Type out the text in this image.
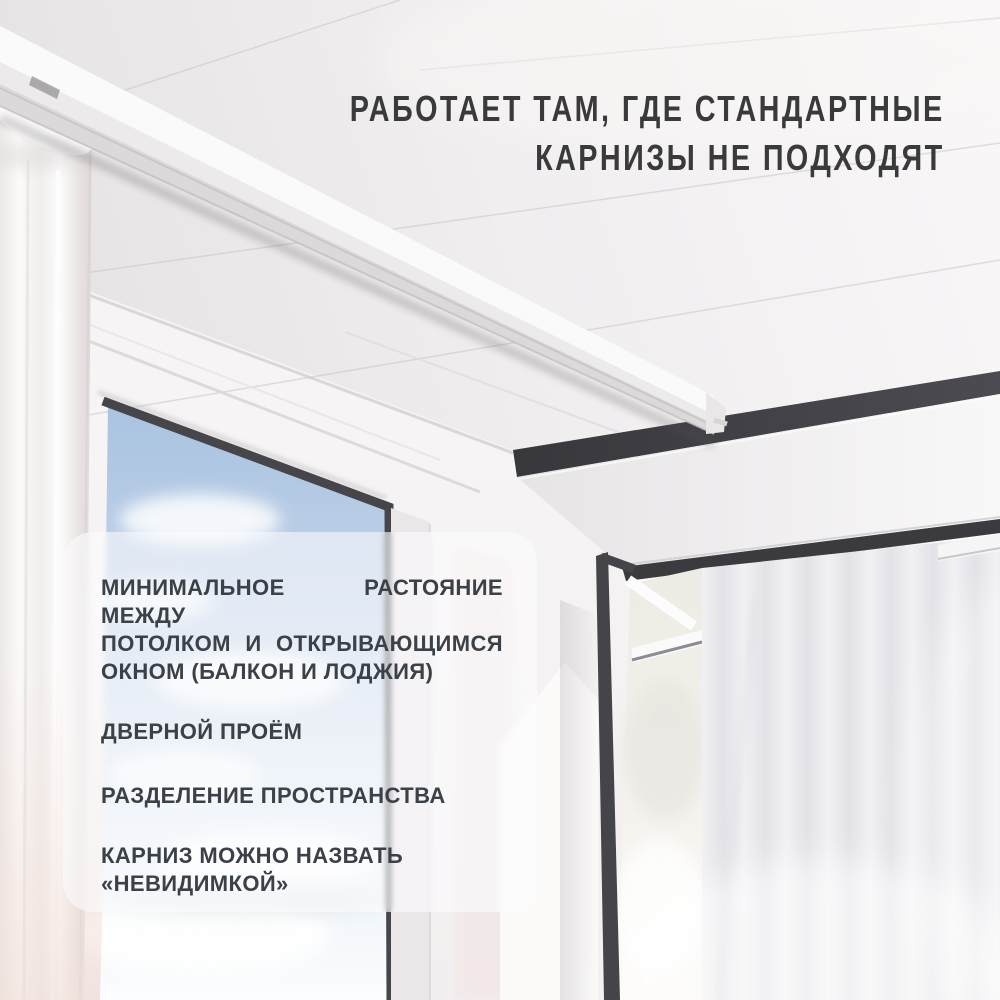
РАБОТАЕТ ТАМ, ГДЕ СТАНДАРТНЫЕ
КАРНИЗЫ НЕ ПОДХОДЯТ
МИНИМАЛЬНОЕ РАСТОЯНИЕ МЕЖДУ
ПОТОЛКОМ И ОТКРЫВАЮЩИМСЯ
ОКНОМ (БАЛКОН И ЛОДЖИЯ)
ДВЕРНОЙ ПРОЁМ
РАЗДЕЛЕНИЕ ПРОСТРАНСТВА
КАРНИЗ МОЖНО НАЗВАТЬ
«НЕВИДИМКОЙ»
